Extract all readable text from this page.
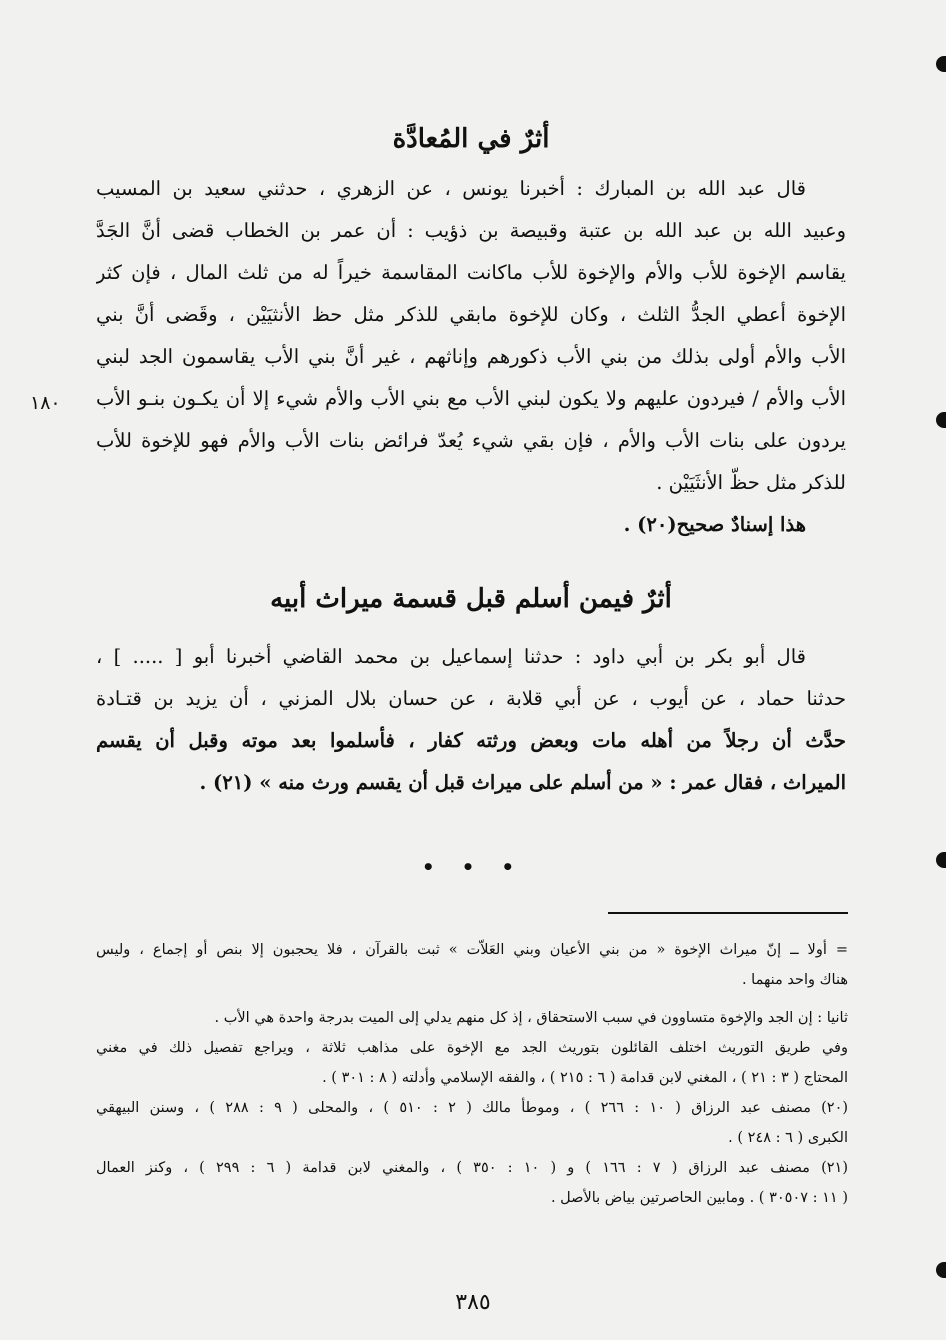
أثرٌ في المُعادَّة
قال عبد الله بن المبارك : أخبرنا يونس ، عن الزهري ، حدثني سعيد بن المسيب
وعبيد الله بن عبد الله بن عتبة وقبيصة بن ذؤيب : أن عمر بن الخطاب قضى أنَّ الجَدَّ
يقاسم الإخوة للأب والأم والإخوة للأب ماكانت المقاسمة خيراً له من ثلث المال ، فإن كثر
الإخوة أعطي الجدُّ الثلث ، وكان للإخوة مابقي للذكر مثل حظ الأنثيَيْن ، وقَضى أنَّ بني
الأب والأم أولى بذلك من بني الأب ذكورهم وإناثهم ، غير أنَّ بني الأب يقاسمون الجد لبني
الأب والأم / فيردون عليهم ولا يكون لبني الأب مع بني الأب والأم شيء إلا أن يكـون بنـو الأب
يردون على بنات الأب والأم ، فإن بقي شيء يُعدّ فرائض بنات الأب والأم فهو للإخوة للأب
للذكر مثل حظّ الأنثَيَيْن .
هذا إسنادٌ صحيح(٢٠) .
١٨٠
أثرٌ فيمن أسلم قبل قسمة ميراث أبيه
قال أبو بكر بن أبي داود : حدثنا إسماعيل بن محمد القاضي أخبرنا أبو [ ..... ] ،
حدثنا حماد ، عن أيوب ، عن أبي قلابة ، عن حسان بلال المزني ، أن يزيد بن قتـادة
حدَّث أن رجلاً من أهله مات وبعض ورثته كفار ، فأسلموا بعد موته وقبل أن يقسم
الميراث ، فقال عمر : « من أسلم على ميراث قبل أن يقسم ورث منه » (٢١) .
• • •
= أولا ــ إنّ ميراث الإخوة « من بني الأعيان وبني العَلاّت » ثبت بالقرآن ، فلا يحجبون إلا بنص أو إجماع ، وليس
هناك واحد منهما .
ثانيا : إن الجد والإخوة متساوون في سبب الاستحقاق ، إذ كل منهم يدلي إلى الميت بدرجة واحدة هي الأب .
وفي طريق التوريث اختلف القائلون بتوريث الجد مع الإخوة على مذاهب ثلاثة ، ويراجع تفصيل ذلك في مغني
المحتاج ( ٣ : ٢١ ) ، المغني لابن قدامة ( ٦ : ٢١٥ ) ، والفقه الإسلامي وأدلته ( ٨ : ٣٠١ ) .
(٢٠) مصنف عبد الرزاق ( ١٠ : ٢٦٦ ) ، وموطأ مالك ( ٢ : ٥١٠ ) ، والمحلى ( ٩ : ٢٨٨ ) ، وسنن البيهقي
الكبرى ( ٦ : ٢٤٨ ) .
(٢١) مصنف عبد الرزاق ( ٧ : ١٦٦ ) و ( ١٠ : ٣٥٠ ) ، والمغني لابن قدامة ( ٦ : ٢٩٩ ) ، وكنز العمال
( ١١ : ٣٠٥٠٧ ) . ومابين الحاصرتين بياض بالأصل .
٣٨٥
